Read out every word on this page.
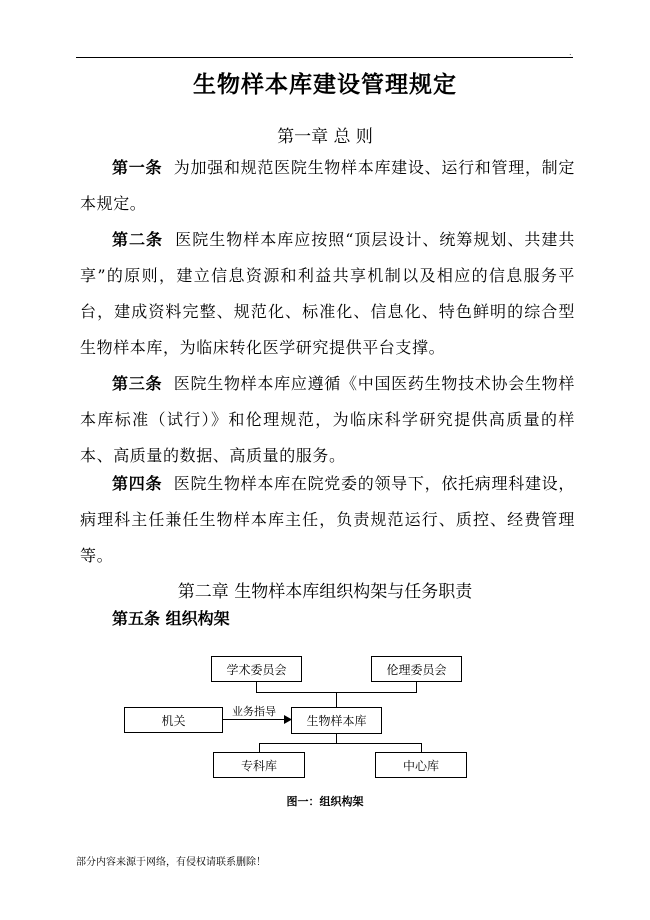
.
生物样本库建设管理规定
第一章 总 则

第一条 为加强和规范医院生物样本库建设、运行和管理，制定本规定。

第二条 医院生物样本库应按照“顶层设计、统筹规划、共建共享”的原则，建立信息资源和利益共享机制以及相应的信息服务平台，建成资料完整、规范化、标准化、信息化、特色鲜明的综合型生物样本库，为临床转化医学研究提供平台支撑。

第三条 医院生物样本库应遵循《中国医药生物技术协会生物样本库标准（试行）》和伦理规范，为临床科学研究提供高质量的样本、高质量的数据、高质量的服务。

第四条 医院生物样本库在院党委的领导下，依托病理科建设，病理科主任兼任生物样本库主任，负责规范运行、质控、经费管理等。

第二章 生物样本库组织构架与任务职责
第五条 组织构架
业务指导
学术委员会	伦理委员会
机关	生物样本库
专科库	中心库
图一：组织构架
部分内容来源于网络，有侵权请联系删除！
